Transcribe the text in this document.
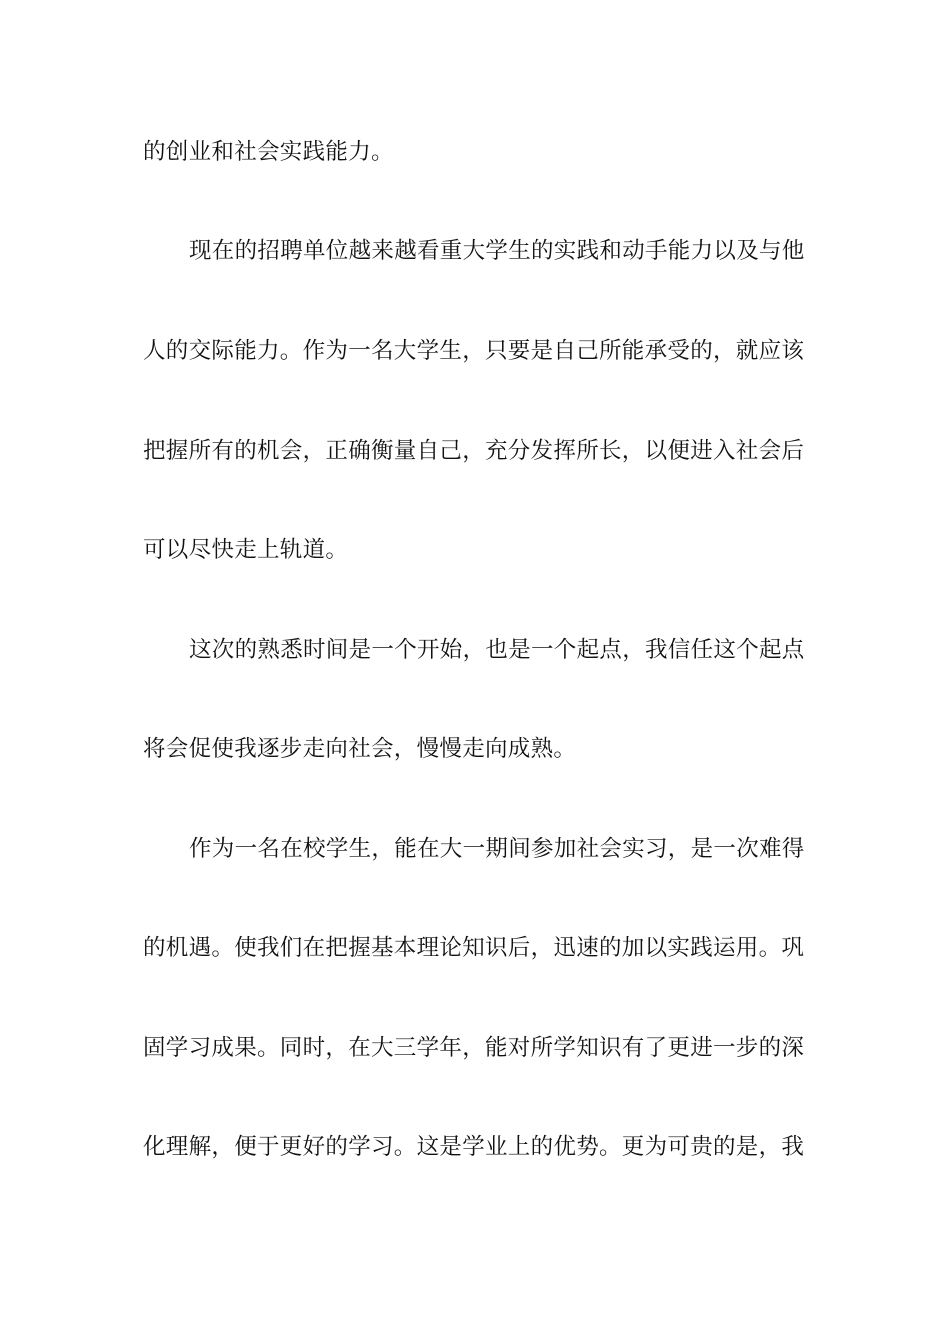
的创业和社会实践能力。
现在的招聘单位越来越看重大学生的实践和动手能力以及与他
人的交际能力。作为一名大学生，只要是自己所能承受的，就应该
把握所有的机会，正确衡量自己，充分发挥所长，以便进入社会后
可以尽快走上轨道。
这次的熟悉时间是一个开始，也是一个起点，我信任这个起点
将会促使我逐步走向社会，慢慢走向成熟。
作为一名在校学生，能在大一期间参加社会实习，是一次难得
的机遇。使我们在把握基本理论知识后，迅速的加以实践运用。巩
固学习成果。同时，在大三学年，能对所学知识有了更进一步的深
化理解，便于更好的学习。这是学业上的优势。更为可贵的是，我
